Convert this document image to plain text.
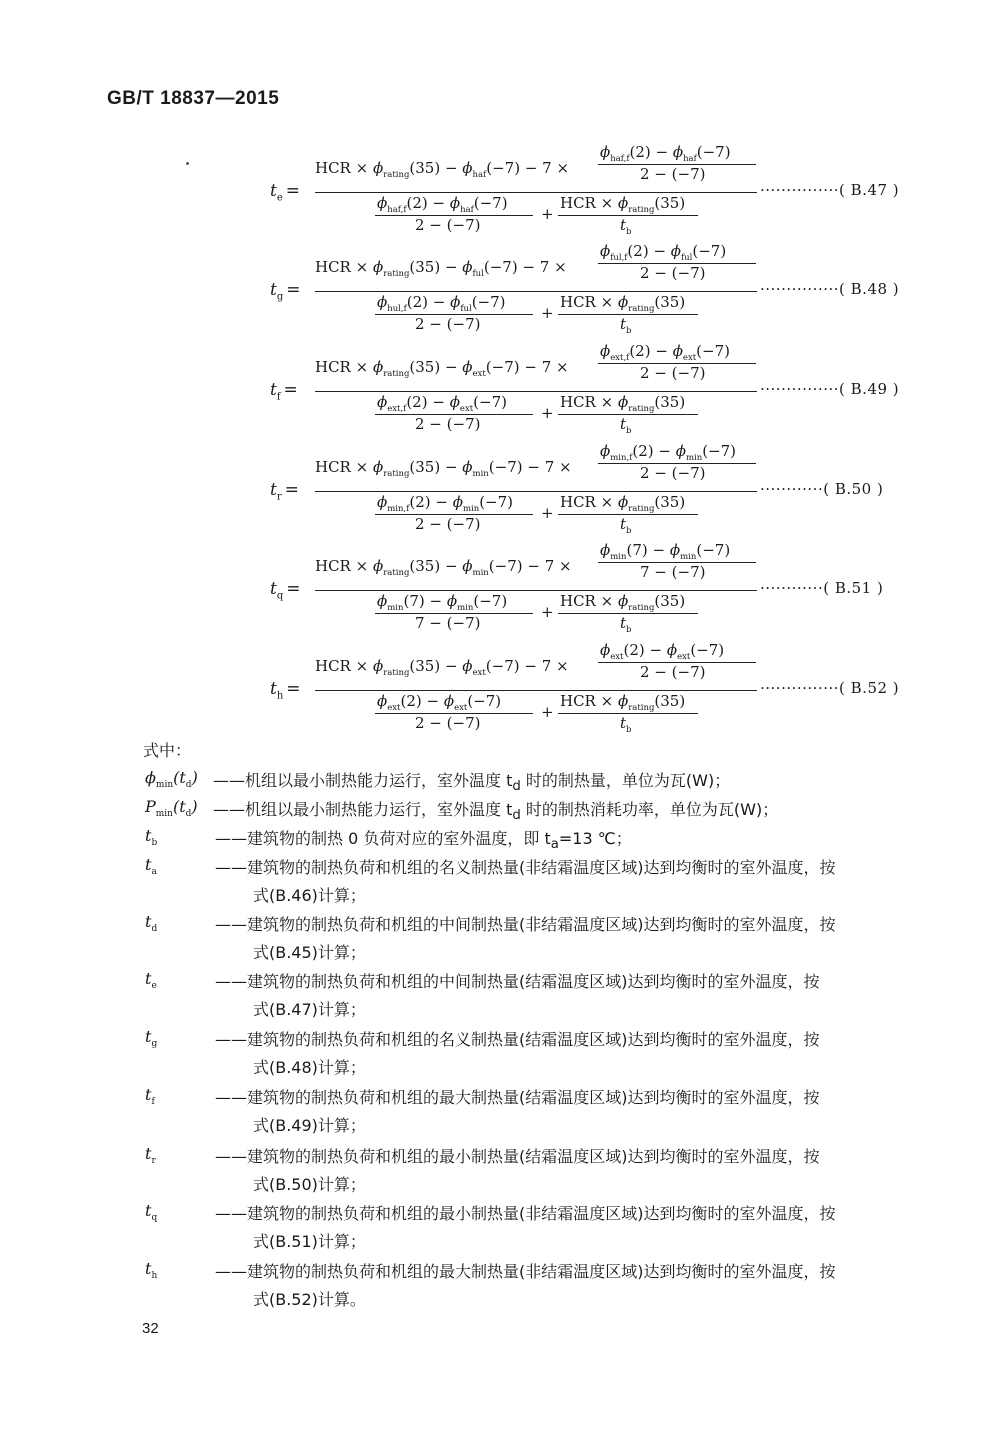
GB/T 18837—2015
$t_e$ =
HCR × $\phi_{rating}(35) - \phi_{haf}(-7) - 7$ ×
$\phi_{haf,f}(2) - \phi_{haf}(-7)$
2 − (−7)
$\phi_{haf,f}(2) - \phi_{haf}(-7)$
2 − (−7)
+
HCR × $\phi_{rating}(35)$
$t_b$
···············( B.47 )
$t_g$ =
HCR × $\phi_{rating}(35) - \phi_{ful}(-7) - 7$ ×
$\phi_{ful,f}(2) - \phi_{ful}(-7)$
2 − (−7)
$\phi_{hul,f}(2) - \phi_{ful}(-7)$
2 − (−7)
+
HCR × $\phi_{rating}(35)$
$t_b$
···············( B.48 )
$t_f$ =
HCR × $\phi_{rating}(35) - \phi_{ext}(-7) - 7$ ×
$\phi_{ext,f}(2) - \phi_{ext}(-7)$
2 − (−7)
$\phi_{ext,f}(2) - \phi_{ext}(-7)$
2 − (−7)
+
HCR × $\phi_{rating}(35)$
$t_b$
···············( B.49 )
$t_r$ =
HCR × $\phi_{rating}(35) - \phi_{min}(-7) - 7$ ×
$\phi_{min,f}(2) - \phi_{min}(-7)$
2 − (−7)
$\phi_{min,f}(2) - \phi_{min}(-7)$
2 − (−7)
+
HCR × $\phi_{rating}(35)$
$t_b$
············( B.50 )
$t_q$ =
HCR × $\phi_{rating}(35) - \phi_{min}(-7) - 7$ ×
$\phi_{min}(7) - \phi_{min}(-7)$
7 − (−7)
$\phi_{min}(7) - \phi_{min}(-7)$
7 − (−7)
+
HCR × $\phi_{rating}(35)$
$t_b$
············( B.51 )
$t_h$ =
HCR × $\phi_{rating}(35) - \phi_{ext}(-7) - 7$ ×
$\phi_{ext}(2) - \phi_{ext}(-7)$
2 − (−7)
$\phi_{ext}(2) - \phi_{ext}(-7)$
2 − (−7)
+
HCR × $\phi_{rating}(35)$
$t_b$
···············( B.52 )
式中：
$\phi_{min}(t_d)$ ——机组以最小制热能力运行，室外温度 $t_d$ 时的制热量，单位为瓦(W)；
$P_{min}(t_d)$ ——机组以最小制热能力运行，室外温度 $t_d$ 时的制热消耗功率，单位为瓦(W)；
$t_b$	——建筑物的制热 0 负荷对应的室外温度，即 $t_a=13$ ℃；
$t_a$	——建筑物的制热负荷和机组的名义制热量(非结霜温度区域)达到均衡时的室外温度，按
式(B.46)计算；
$t_d$	——建筑物的制热负荷和机组的中间制热量(非结霜温度区域)达到均衡时的室外温度，按
式(B.45)计算；
$t_e$	——建筑物的制热负荷和机组的中间制热量(结霜温度区域)达到均衡时的室外温度，按
式(B.47)计算；
$t_g$	——建筑物的制热负荷和机组的名义制热量(结霜温度区域)达到均衡时的室外温度，按
式(B.48)计算；
$t_f$	——建筑物的制热负荷和机组的最大制热量(结霜温度区域)达到均衡时的室外温度，按
式(B.49)计算；
$t_r$	——建筑物的制热负荷和机组的最小制热量(结霜温度区域)达到均衡时的室外温度，按
式(B.50)计算；
$t_q$	——建筑物的制热负荷和机组的最小制热量(非结霜温度区域)达到均衡时的室外温度，按
式(B.51)计算；
$t_h$	——建筑物的制热负荷和机组的最大制热量(非结霜温度区域)达到均衡时的室外温度，按
式(B.52)计算。
32
